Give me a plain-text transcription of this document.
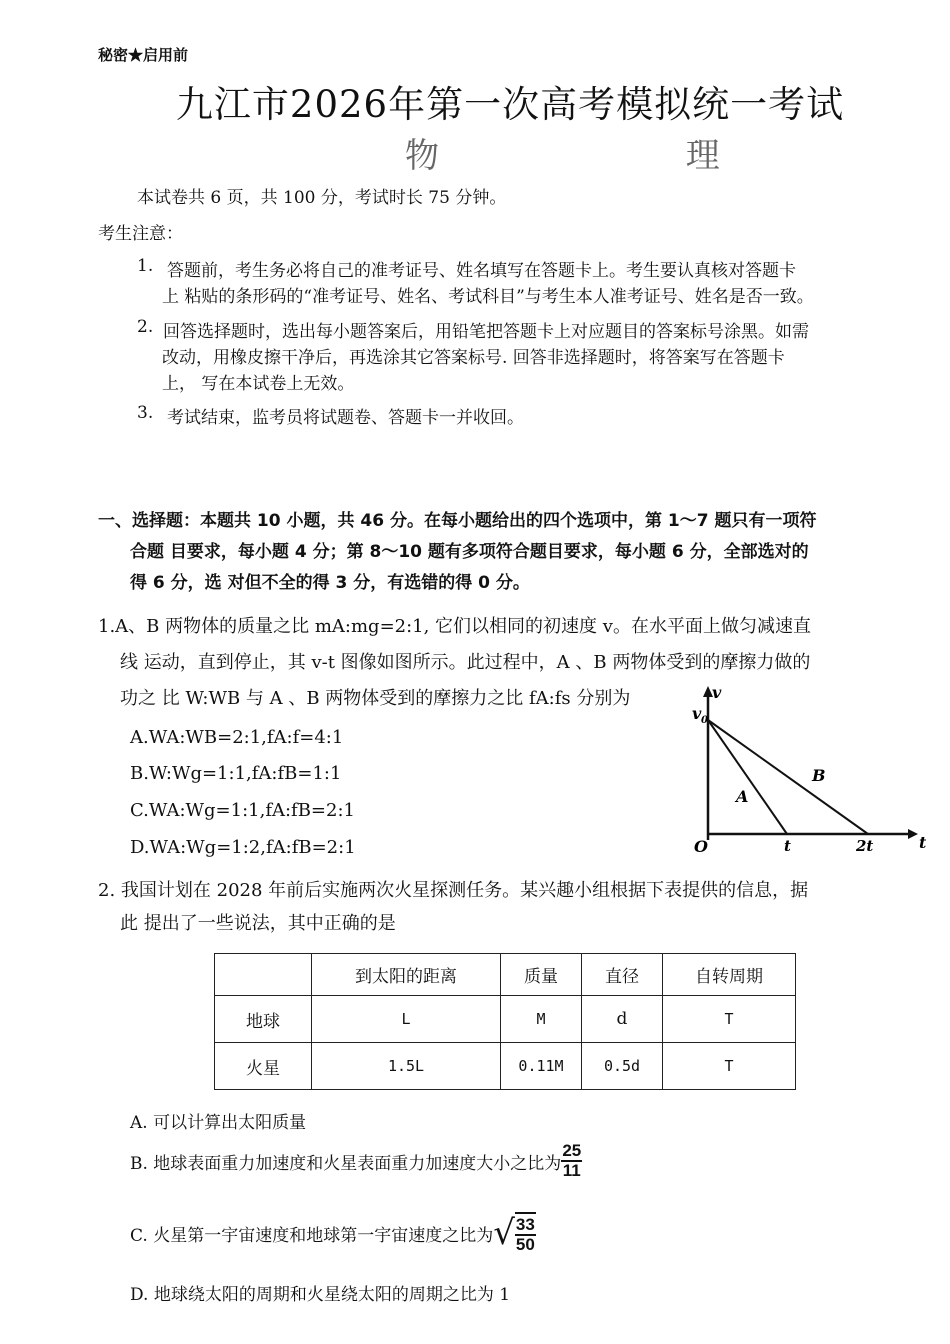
秘密★启用前
九江市2026年第一次高考模拟统一考试
物 理
本试卷共 6 页，共 100 分，考试时长 75 分钟。
考生注意：
1. 答题前，考生务必将自己的准考证号、姓名填写在答题卡上。考生要认真核对答题卡
上 粘贴的条形码的“准考证号、姓名、考试科目”与考生本人准考证号、姓名是否一致。
2. 回答选择题时，选出每小题答案后，用铅笔把答题卡上对应题目的答案标号涂黑。如需
改动，用橡皮擦干净后，再选涂其它答案标号. 回答非选择题时，将答案写在答题卡
上， 写在本试卷上无效。
3. 考试结束，监考员将试题卷、答题卡一并收回。
一、选择题：本题共 10 小题，共 46 分。在每小题给出的四个选项中，第 1～7 题只有一项符
合题 目要求，每小题 4 分；第 8～10 题有多项符合题目要求，每小题 6 分，全部选对的
得 6 分，选 对但不全的得 3 分，有选错的得 0 分。
1.A、B 两物体的质量之比 mA:mg=2:1, 它们以相同的初速度 v。在水平面上做匀减速直
线 运动，直到停止，其 v-t 图像如图所示。此过程中，A 、B 两物体受到的摩擦力做的
功之 比 W:WB 与 A 、B 两物体受到的摩擦力之比 fA:fs 分别为
A.WA:WB=2:1,fA:f=4:1
B.W:Wg=1:1,fA:fB=1:1
C.WA:Wg=1:1,fA:fB=2:1
D.WA:Wg=1:2,fA:fB=2:1
v
t
O
v 0
t	2t
A
B
2. 我国计划在 2028 年前后实施两次火星探测任务。某兴趣小组根据下表提供的信息，据
此 提出了一些说法，其中正确的是
	到太阳的距离	质量	直径	自转周期
地球	L	M	d	T
火星	1.5L	0.11M	0.5d	T
A. 可以计算出太阳质量
B. 地球表面重力加速度和火星表面重力加速度大小之比为 $\frac{25}{11}$
C. 火星第一宇宙速度和地球第一宇宙速度之比为 √ $\frac{33}{50}$
D. 地球绕太阳的周期和火星绕太阳的周期之比为 1
